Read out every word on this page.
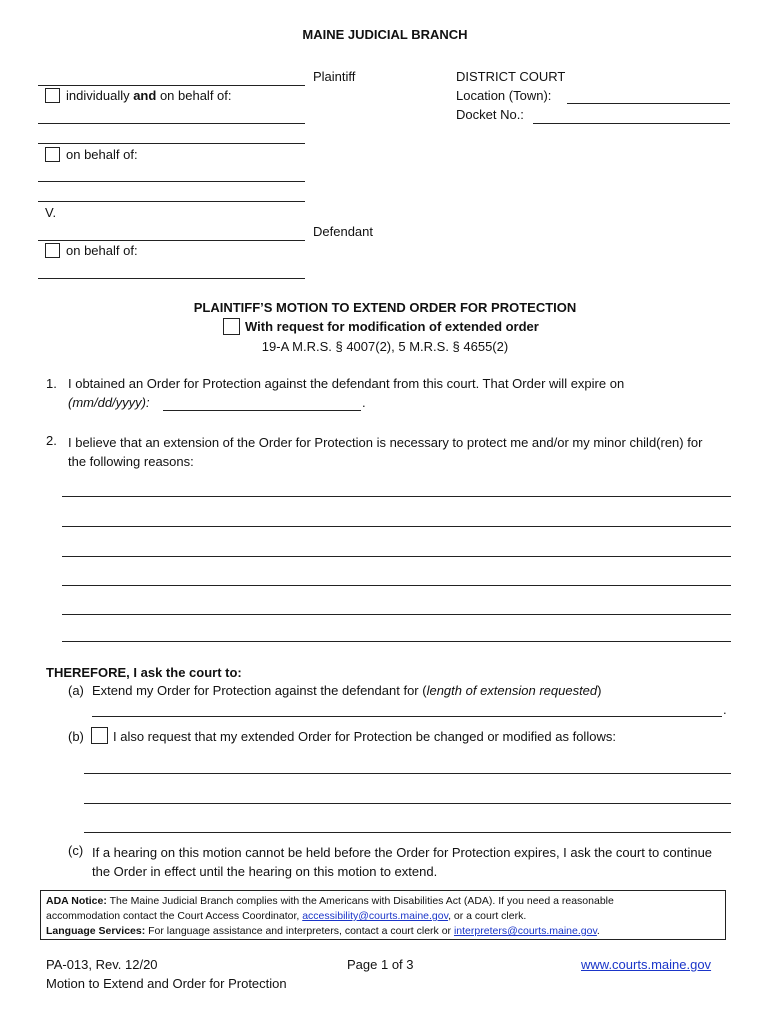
MAINE JUDICIAL BRANCH
Plaintiff
individually and on behalf of:
on behalf of:
V.
Defendant
on behalf of:
DISTRICT COURT
Location (Town):
Docket No.:
PLAINTIFF’S MOTION TO EXTEND ORDER FOR PROTECTION
With request for modification of extended order
19-A M.R.S. § 4007(2), 5 M.R.S. § 4655(2)
1. I obtained an Order for Protection against the defendant from this court. That Order will expire on
(mm/dd/yyyy):	.
2. I believe that an extension of the Order for Protection is necessary to protect me and/or my minor child(ren) for the following reasons:
THEREFORE, I ask the court to:
(a) Extend my Order for Protection against the defendant for (length of extension requested)
.
(b) I also request that my extended Order for Protection be changed or modified as follows:
(c) If a hearing on this motion cannot be held before the Order for Protection expires, I ask the court to continue the Order in effect until the hearing on this motion to extend.
ADA Notice: The Maine Judicial Branch complies with the Americans with Disabilities Act (ADA). If you need a reasonable
accommodation contact the Court Access Coordinator, accessibility@courts.maine.gov, or a court clerk.
Language Services: For language assistance and interpreters, contact a court clerk or interpreters@courts.maine.gov.
PA-013, Rev. 12/20	Page 1 of 3	www.courts.maine.gov
Motion to Extend and Order for Protection
